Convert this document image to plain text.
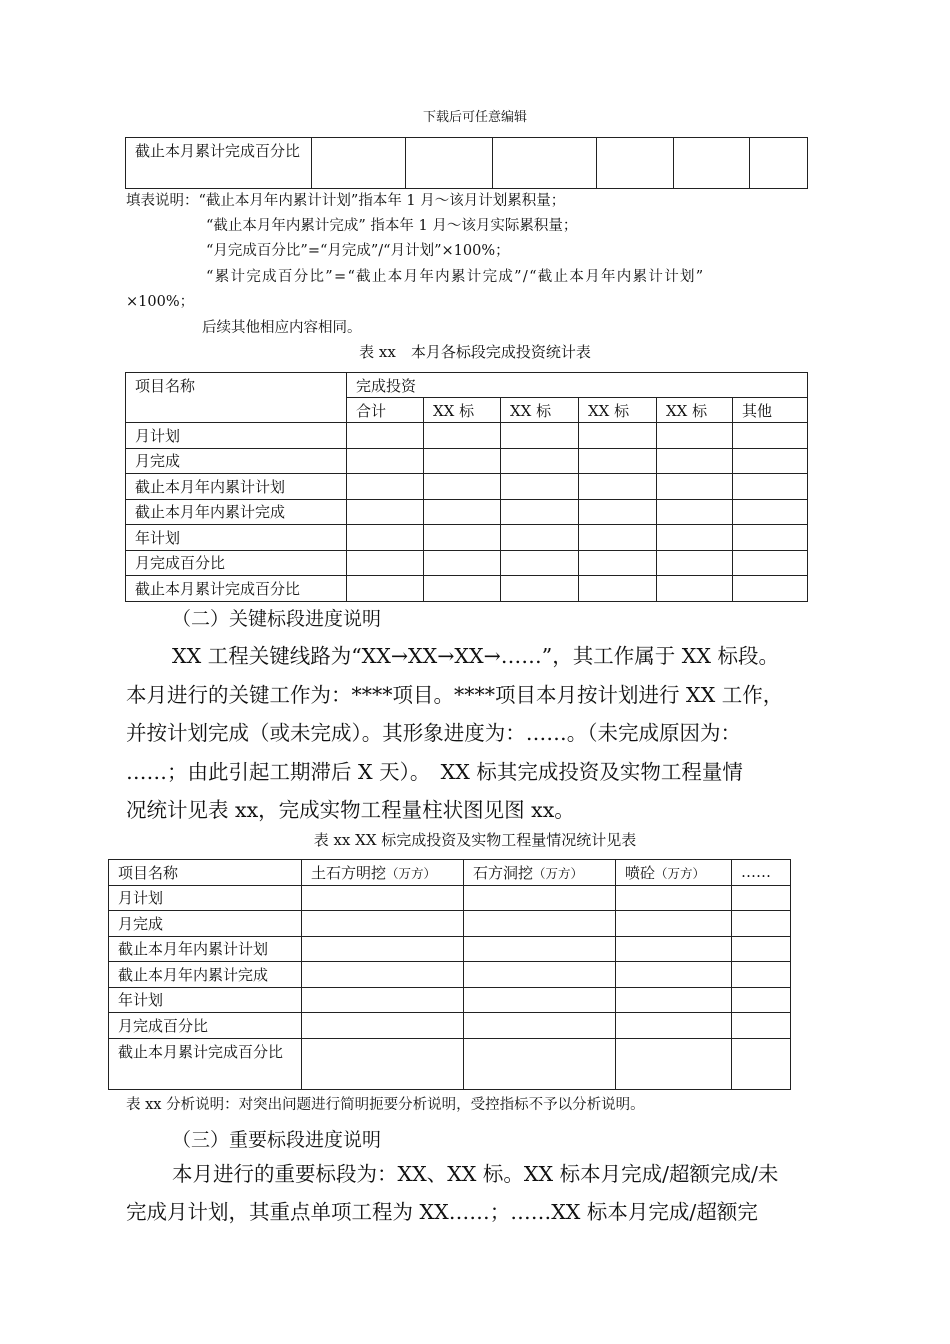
下载后可任意编辑
截止本月累计完成百分比						
填表说明：“截止本月年内累计计划”指本年 1 月～该月计划累积量；
“截止本月年内累计完成” 指本年 1 月～该月实际累积量；
“月完成百分比”=“月完成”/“月计划”×100%；
“累计完成百分比”=“截止本月年内累计完成”/“截止本月年内累计计划”
×100%；
后续其他相应内容相同。
表 xx　本月各标段完成投资统计表
项目名称	完成投资					
	合计	XX 标	XX 标	XX 标	XX 标	其他
月计划						
月完成						
截止本月年内累计计划						
截止本月年内累计完成						
年计划						
月完成百分比						
截止本月累计完成百分比						
（二）关键标段进度说明
XX 工程关键线路为“XX→XX→XX→……”，其工作属于 XX 标段。
本月进行的关键工作为：****项目。****项目本月按计划进行 XX 工作，
并按计划完成（或未完成）。其形象进度为：……。（未完成原因为：
……；由此引起工期滞后 X 天）。　XX 标其完成投资及实物工程量情
况统计见表 xx，完成实物工程量柱状图见图 xx。
表 xx XX 标完成投资及实物工程量情况统计见表
项目名称	土石方明挖（万方）	石方洞挖（万方）	喷砼（万方）	……
月计划				
月完成				
截止本月年内累计计划				
截止本月年内累计完成				
年计划				
月完成百分比				
截止本月累计完成百分比				
表 xx 分析说明：对突出问题进行简明扼要分析说明，受控指标不予以分析说明。
（三）重要标段进度说明
本月进行的重要标段为：XX、XX 标。XX 标本月完成/超额完成/未
完成月计划，其重点单项工程为 XX……；……XX 标本月完成/超额完
